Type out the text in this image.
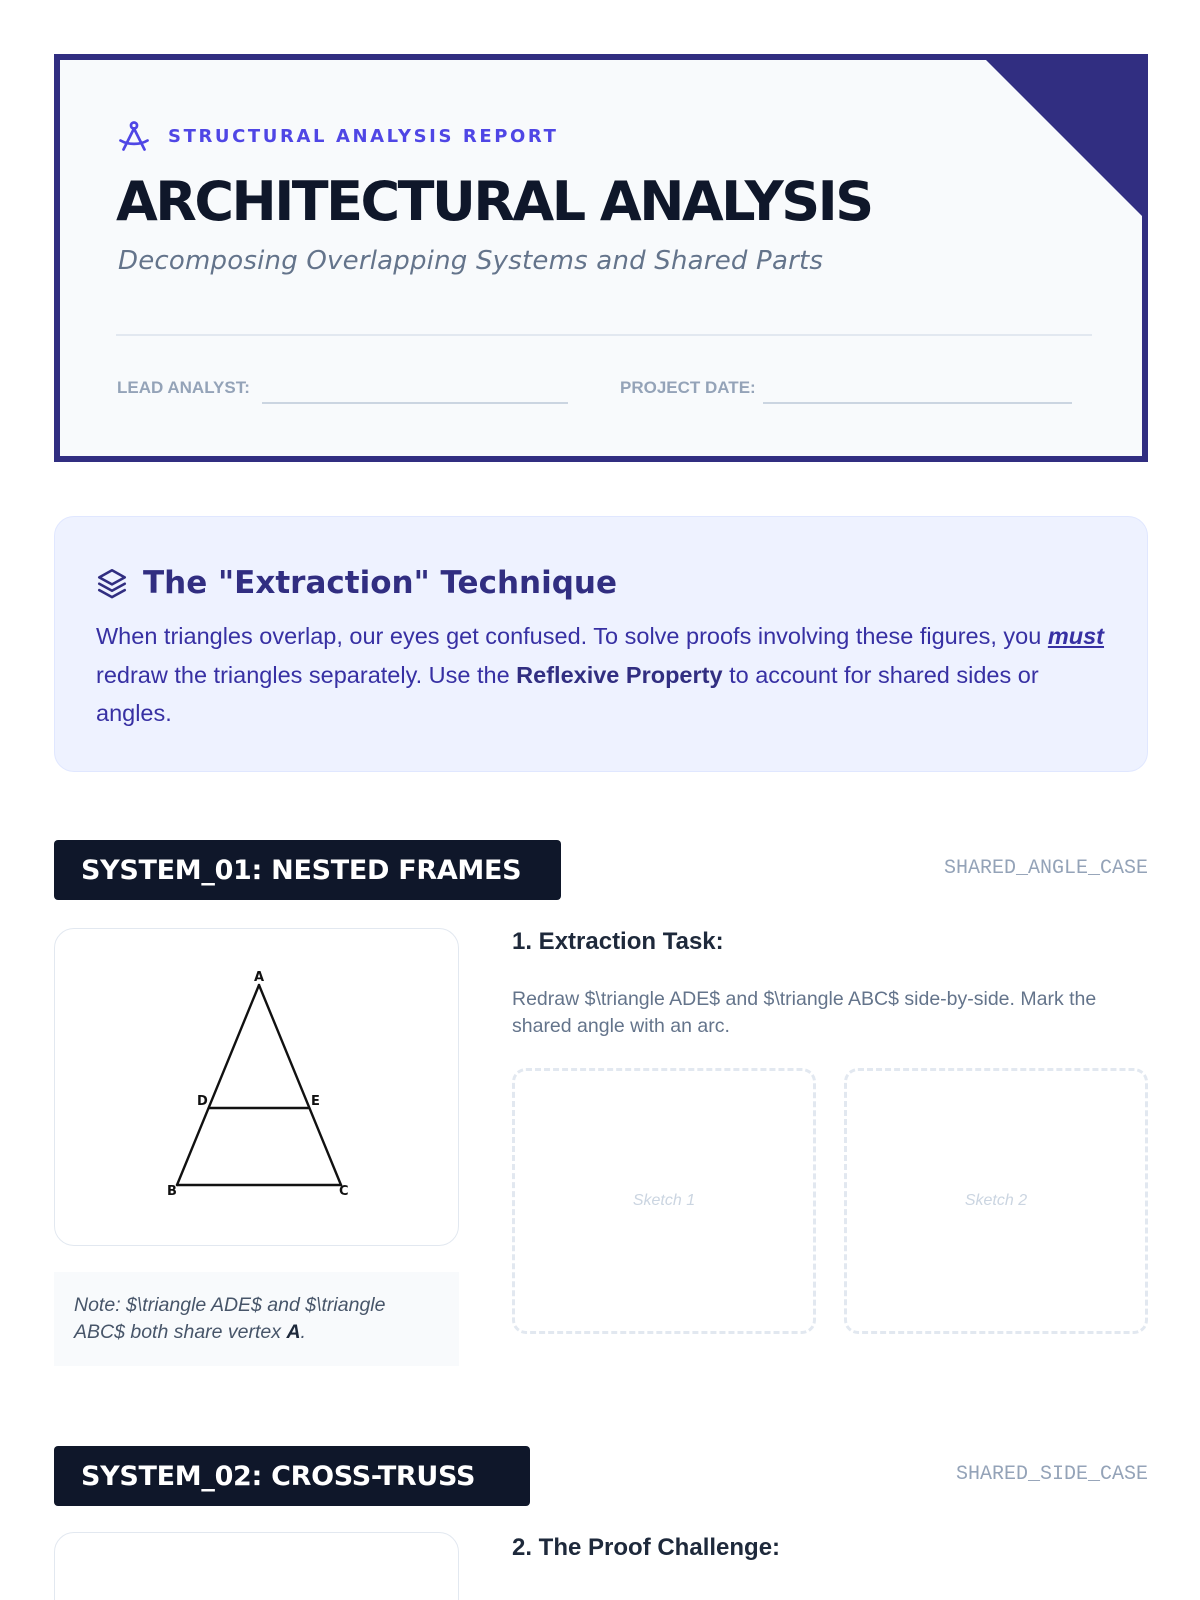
STRUCTURAL ANALYSIS REPORT
ARCHITECTURAL ANALYSIS
Decomposing Overlapping Systems and Shared Parts
LEAD ANALYST:	PROJECT DATE:
The "Extraction" Technique
When triangles overlap, our eyes get confused. To solve proofs involving these figures, you must redraw the triangles separately. Use the Reflexive Property to account for shared sides or angles.
SYSTEM_01: NESTED FRAMES	SHARED_ANGLE_CASE
A
D	E
B	C
Note: $\triangle ADE$ and $\triangle ABC$ both share vertex A.
1. Extraction Task:
Redraw $\triangle ADE$ and $\triangle ABC$ side-by-side. Mark the shared angle with an arc.
Sketch 1	Sketch 2
SYSTEM_02: CROSS-TRUSS	SHARED_SIDE_CASE
2. The Proof Challenge:
